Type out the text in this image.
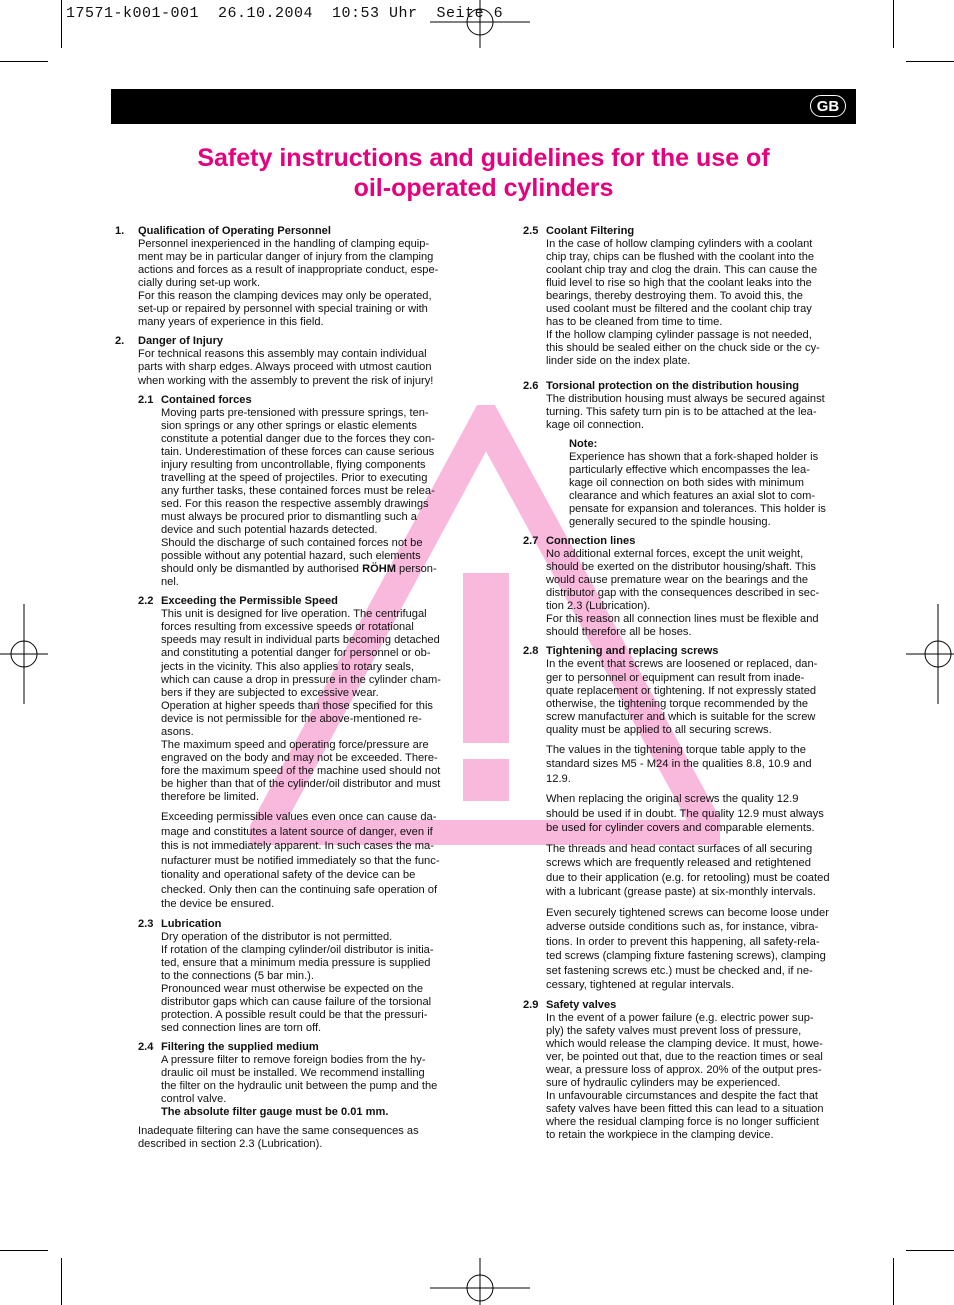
17571-k001-001  26.10.2004  10:53 Uhr  Seite 6
GB
Safety instructions and guidelines for the use of
oil-operated cylinders
1. Qualification of Operating Personnel
Personnel inexperienced in the handling of clamping equip-
ment may be in particular danger of injury from the clamping
actions and forces as a result of inappropriate conduct, espe-
cially during set-up work.
For this reason the clamping devices may only be operated,
set-up or repaired by personnel with special training or with
many years of experience in this field.
2. Danger of Injury
For technical reasons this assembly may contain individual
parts with sharp edges. Always proceed with utmost caution
when working with the assembly to prevent the risk of injury!
2.1 Contained forces
Moving parts pre-tensioned with pressure springs, ten-
sion springs or any other springs or elastic elements
constitute a potential danger due to the forces they con-
tain. Underestimation of these forces can cause serious
injury resulting from uncontrollable, flying components
travelling at the speed of projectiles. Prior to executing
any further tasks, these contained forces must be relea-
sed. For this reason the respective assembly drawings
must always be procured prior to dismantling such a
device and such potential hazards detected.
Should the discharge of such contained forces not be
possible without any potential hazard, such elements
should only be dismantled by authorised RÖHM person-
nel.
2.2 Exceeding the Permissible Speed
This unit is designed for live operation. The centrifugal
forces resulting from excessive speeds or rotational
speeds may result in individual parts becoming detached
and constituting a potential danger for personnel or ob-
jects in the vicinity. This also applies to rotary seals,
which can cause a drop in pressure in the cylinder cham-
bers if they are subjected to excessive wear.
Operation at higher speeds than those specified for this
device is not permissible for the above-mentioned re-
asons.
The maximum speed and operating force/pressure are
engraved on the body and may not be exceeded. There-
fore the maximum speed of the machine used should not
be higher than that of the cylinder/oil distributor and must
therefore be limited.
Exceeding permissible values even once can cause da-
mage and constitutes a latent source of danger, even if
this is not immediately apparent. In such cases the ma-
nufacturer must be notified immediately so that the func-
tionality and operational safety of the device can be
checked. Only then can the continuing safe operation of
the device be ensured.
2.3 Lubrication
Dry operation of the distributor is not permitted.
If rotation of the clamping cylinder/oil distributor is initia-
ted, ensure that a minimum media pressure is supplied
to the connections (5 bar min.).
Pronounced wear must otherwise be expected on the
distributor gaps which can cause failure of the torsional
protection. A possible result could be that the pressuri-
sed connection lines are torn off.
2.4 Filtering the supplied medium
A pressure filter to remove foreign bodies from the hy-
draulic oil must be installed. We recommend installing
the filter on the hydraulic unit between the pump and the
control valve.
The absolute filter gauge must be 0.01 mm.
Inadequate filtering can have the same consequences as
described in section 2.3 (Lubrication).
2.5 Coolant Filtering
In the case of hollow clamping cylinders with a coolant
chip tray, chips can be flushed with the coolant into the
coolant chip tray and clog the drain. This can cause the
fluid level to rise so high that the coolant leaks into the
bearings, thereby destroying them. To avoid this, the
used coolant must be filtered and the coolant chip tray
has to be cleaned from time to time.
If the hollow clamping cylinder passage is not needed,
this should be sealed either on the chuck side or the cy-
linder side on the index plate.
2.6 Torsional protection on the distribution housing
The distribution housing must always be secured against
turning. This safety turn pin is to be attached at the lea-
kage oil connection.
Note:
Experience has shown that a fork-shaped holder is
particularly effective which encompasses the lea-
kage oil connection on both sides with minimum
clearance and which features an axial slot to com-
pensate for expansion and tolerances. This holder is
generally secured to the spindle housing.
2.7 Connection lines
No additional external forces, except the unit weight,
should be exerted on the distributor housing/shaft. This
would cause premature wear on the bearings and the
distributor gap with the consequences described in sec-
tion 2.3 (Lubrication).
For this reason all connection lines must be flexible and
should therefore all be hoses.
2.8 Tightening and replacing screws
In the event that screws are loosened or replaced, dan-
ger to personnel or equipment can result from inade-
quate replacement or tightening. If not expressly stated
otherwise, the tightening torque recommended by the
screw manufacturer and which is suitable for the screw
quality must be applied to all securing screws.
The values in the tightening torque table apply to the
standard sizes M5 - M24 in the qualities 8.8, 10.9 and
12.9.
When replacing the original screws the quality 12.9
should be used if in doubt. The quality 12.9 must always
be used for cylinder covers and comparable elements.
The threads and head contact surfaces of all securing
screws which are frequently released and retightened
due to their application (e.g. for retooling) must be coated
with a lubricant (grease paste) at six-monthly intervals.
Even securely tightened screws can become loose under
adverse outside conditions such as, for instance, vibra-
tions. In order to prevent this happening, all safety-rela-
ted screws (clamping fixture fastening screws), clamping
set fastening screws etc.) must be checked and, if ne-
cessary, tightened at regular intervals.
2.9 Safety valves
In the event of a power failure (e.g. electric power sup-
ply) the safety valves must prevent loss of pressure,
which would release the clamping device. It must, howe-
ver, be pointed out that, due to the reaction times or seal
wear, a pressure loss of approx. 20% of the output pres-
sure of hydraulic cylinders may be experienced.
In unfavourable circumstances and despite the fact that
safety valves have been fitted this can lead to a situation
where the residual clamping force is no longer sufficient
to retain the workpiece in the clamping device.
